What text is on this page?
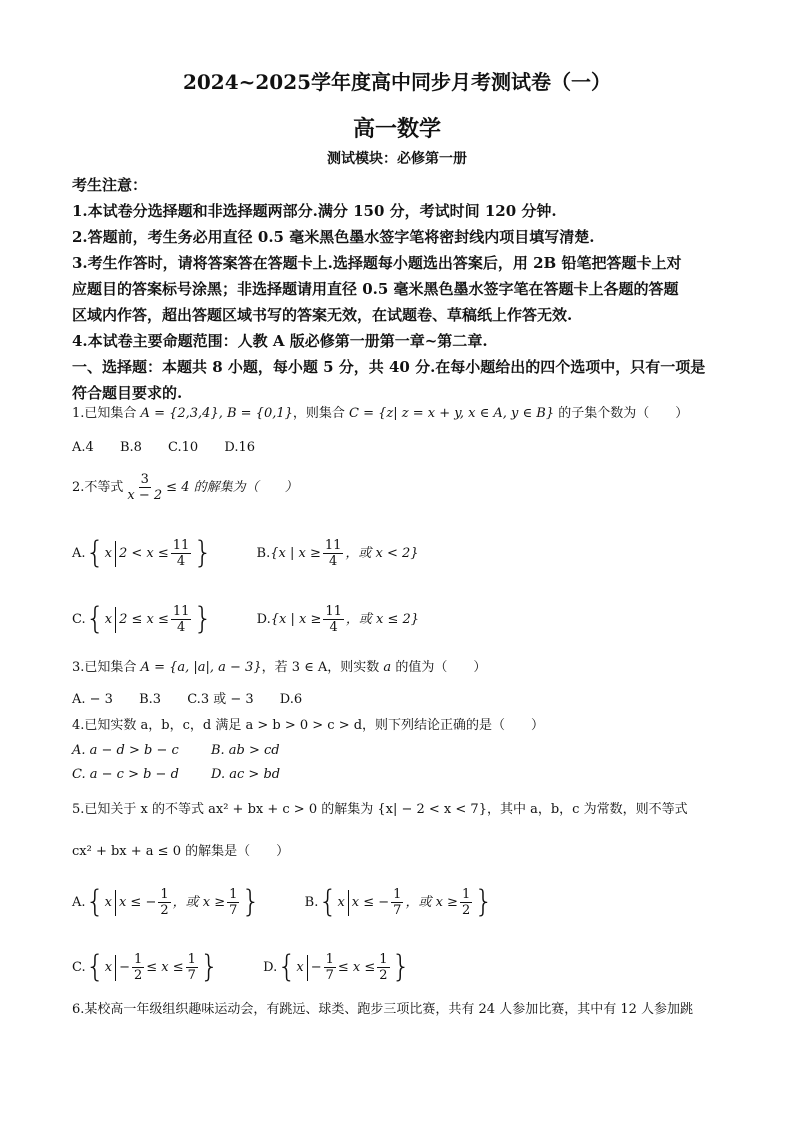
2024~2025学年度高中同步月考测试卷（一）
高一数学
测试模块：必修第一册
考生注意：
1.本试卷分选择题和非选择题两部分.满分 150 分，考试时间 120 分钟.
2.答题前，考生务必用直径 0.5 毫米黑色墨水签字笔将密封线内项目填写清楚.
3.考生作答时，请将答案答在答题卡上.选择题每小题选出答案后，用 2B 铅笔把答题卡上对
应题目的答案标号涂黑；非选择题请用直径 0.5 毫米黑色墨水签字笔在答题卡上各题的答题
区域内作答，超出答题区域书写的答案无效，在试题卷、草稿纸上作答无效.
4.本试卷主要命题范围：人教 A 版必修第一册第一章~第二章.
一、选择题：本题共 8 小题，每小题 5 分，共 40 分.在每小题给出的四个选项中，只有一项是
符合题目要求的.
1.已知集合 A = {2,3,4}, B = {0,1}，则集合 C = {z| z = x + y, x ∈ A, y ∈ B} 的子集个数为（　　）
A.4 B.8 C.10 D.16
2.不等式 $\frac{3}{x - 2} \le 4$ 的解集为（　　）
A.{x $2 < x \le \frac{11}{4}$ }	B.{x | $x \ge \frac{11}{4}$ ，或 x < 2}
C.{x $2 \le x \le \frac{11}{4}$ }	D.{x | $x \ge \frac{11}{4}$ ，或 x ≤ 2}
3.已知集合 A = {a, |a|, a − 3}，若 3 ∈ A，则实数 a 的值为（　　）
A. − 3 B.3 C.3 或 − 3 D.6
4.已知实数 a，b，c，d 满足 a > b > 0 > c > d，则下列结论正确的是（　　）
A. a − d > b − c B. ab > cd
C. a − c > b − d D. ac > bd
5.已知关于 x 的不等式 ax² + bx + c > 0 的解集为 {x| − 2 < x < 7}，其中 a，b，c 为常数，则不等式
cx² + bx + a ≤ 0 的解集是（　　）
A.{x x ≤ − $\frac{1}{2}$ ，或 $x \ge \frac{1}{7}$ }	B.{x x ≤ − $\frac{1}{7}$ ，或 $x \ge \frac{1}{2}$ }
$C.\{x - \frac{1}{2} \le x \le \frac{1}{7}$ }	$D.\{x - \frac{1}{7} \le x \le \frac{1}{2}$ }
6.某校高一年级组织趣味运动会，有跳远、球类、跑步三项比赛，共有 24 人参加比赛，其中有 12 人参加跳
